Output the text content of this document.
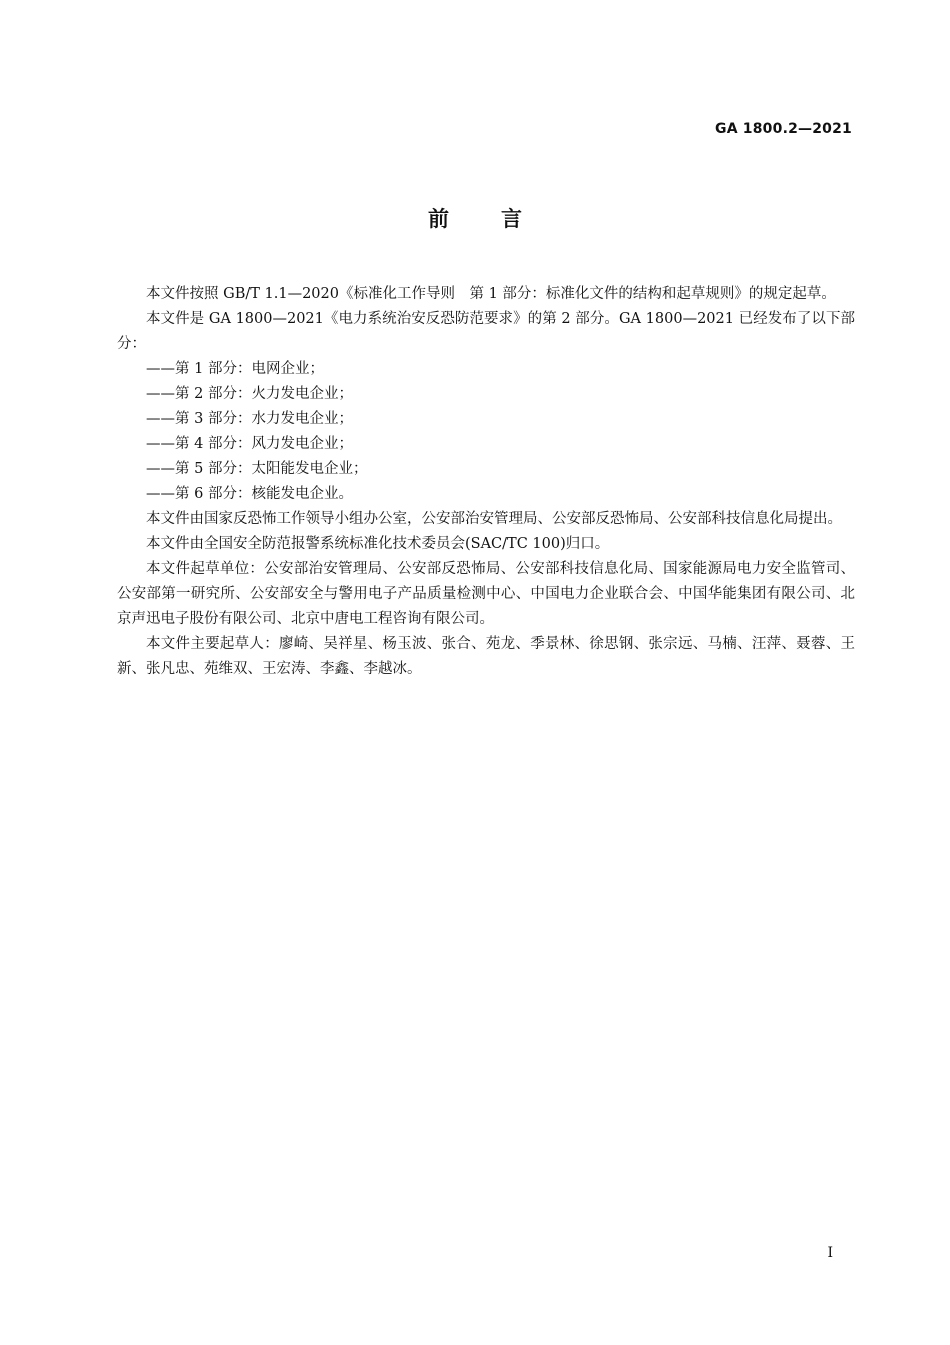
GA 1800.2—2021
前言

本文件按照 GB/T 1.1—2020《标准化工作导则　第 1 部分：标准化文件的结构和起草规则》的规定起草。

本文件是 GA 1800—2021《电力系统治安反恐防范要求》的第 2 部分。GA 1800—2021 已经发布了以下部分：

——第 1 部分：电网企业；
——第 2 部分：火力发电企业；
——第 3 部分：水力发电企业；
——第 4 部分：风力发电企业；
——第 5 部分：太阳能发电企业；
——第 6 部分：核能发电企业。

本文件由国家反恐怖工作领导小组办公室，公安部治安管理局、公安部反恐怖局、公安部科技信息化局提出。

本文件由全国安全防范报警系统标准化技术委员会(SAC/TC 100)归口。

本文件起草单位：公安部治安管理局、公安部反恐怖局、公安部科技信息化局、国家能源局电力安全监管司、公安部第一研究所、公安部安全与警用电子产品质量检测中心、中国电力企业联合会、中国华能集团有限公司、北京声迅电子股份有限公司、北京中唐电工程咨询有限公司。

本文件主要起草人：廖崎、吴祥星、杨玉波、张合、苑龙、季景林、徐思钢、张宗远、马楠、汪萍、聂蓉、王新、张凡忠、苑维双、王宏涛、李鑫、李越冰。

I
